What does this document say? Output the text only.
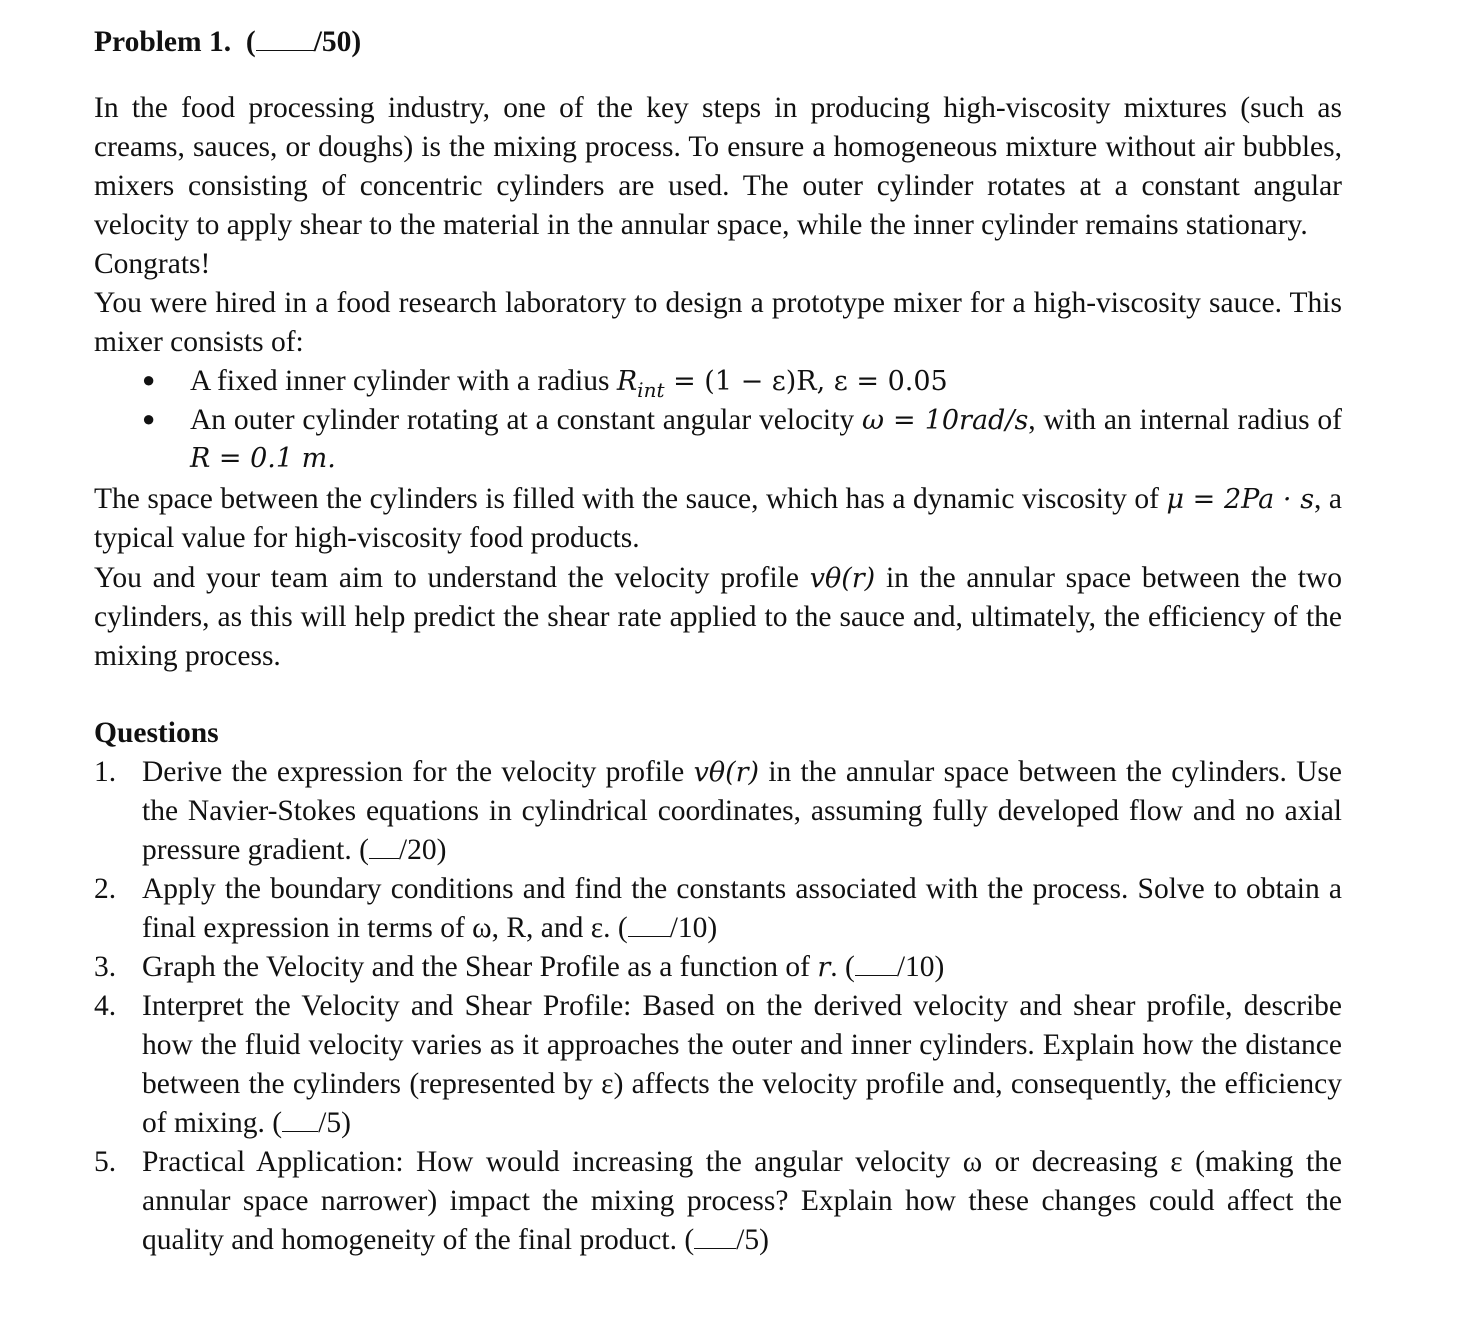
Problem 1.  ( /50)
In the food processing industry, one of the key steps in producing high-viscosity mixtures (such as
creams, sauces, or doughs) is the mixing process. To ensure a homogeneous mixture without air bubbles,
mixers consisting of concentric cylinders are used. The outer cylinder rotates at a constant angular
velocity to apply shear to the material in the annular space, while the inner cylinder remains stationary.
Congrats!
You were hired in a food research laboratory to design a prototype mixer for a high-viscosity sauce. This
mixer consists of:
● A fixed inner cylinder with a radius $R_{int} = (1 - \varepsilon)R$, ε = 0.05
● An outer cylinder rotating at a constant angular velocity ω = 10rad/s, with an internal radius of
R = 0.1 m.
The space between the cylinders is filled with the sauce, which has a dynamic viscosity of μ = 2Pa · s, a
typical value for high-viscosity food products.
You and your team aim to understand the velocity profile vθ(r) in the annular space between the two
cylinders, as this will help predict the shear rate applied to the sauce and, ultimately, the efficiency of the
mixing process.
Questions
1. Derive the expression for the velocity profile vθ(r) in the annular space between the cylinders. Use
the Navier-Stokes equations in cylindrical coordinates, assuming fully developed flow and no axial
pressure gradient. ( /20)
2. Apply the boundary conditions and find the constants associated with the process. Solve to obtain a
final expression in terms of ω, R, and ε. ( /10)
3. Graph the Velocity and the Shear Profile as a function of r. ( /10)
4. Interpret the Velocity and Shear Profile: Based on the derived velocity and shear profile, describe
how the fluid velocity varies as it approaches the outer and inner cylinders. Explain how the distance
between the cylinders (represented by ε) affects the velocity profile and, consequently, the efficiency
of mixing. ( /5)
5. Practical Application: How would increasing the angular velocity ω or decreasing ε (making the
annular space narrower) impact the mixing process? Explain how these changes could affect the
quality and homogeneity of the final product. ( /5)
